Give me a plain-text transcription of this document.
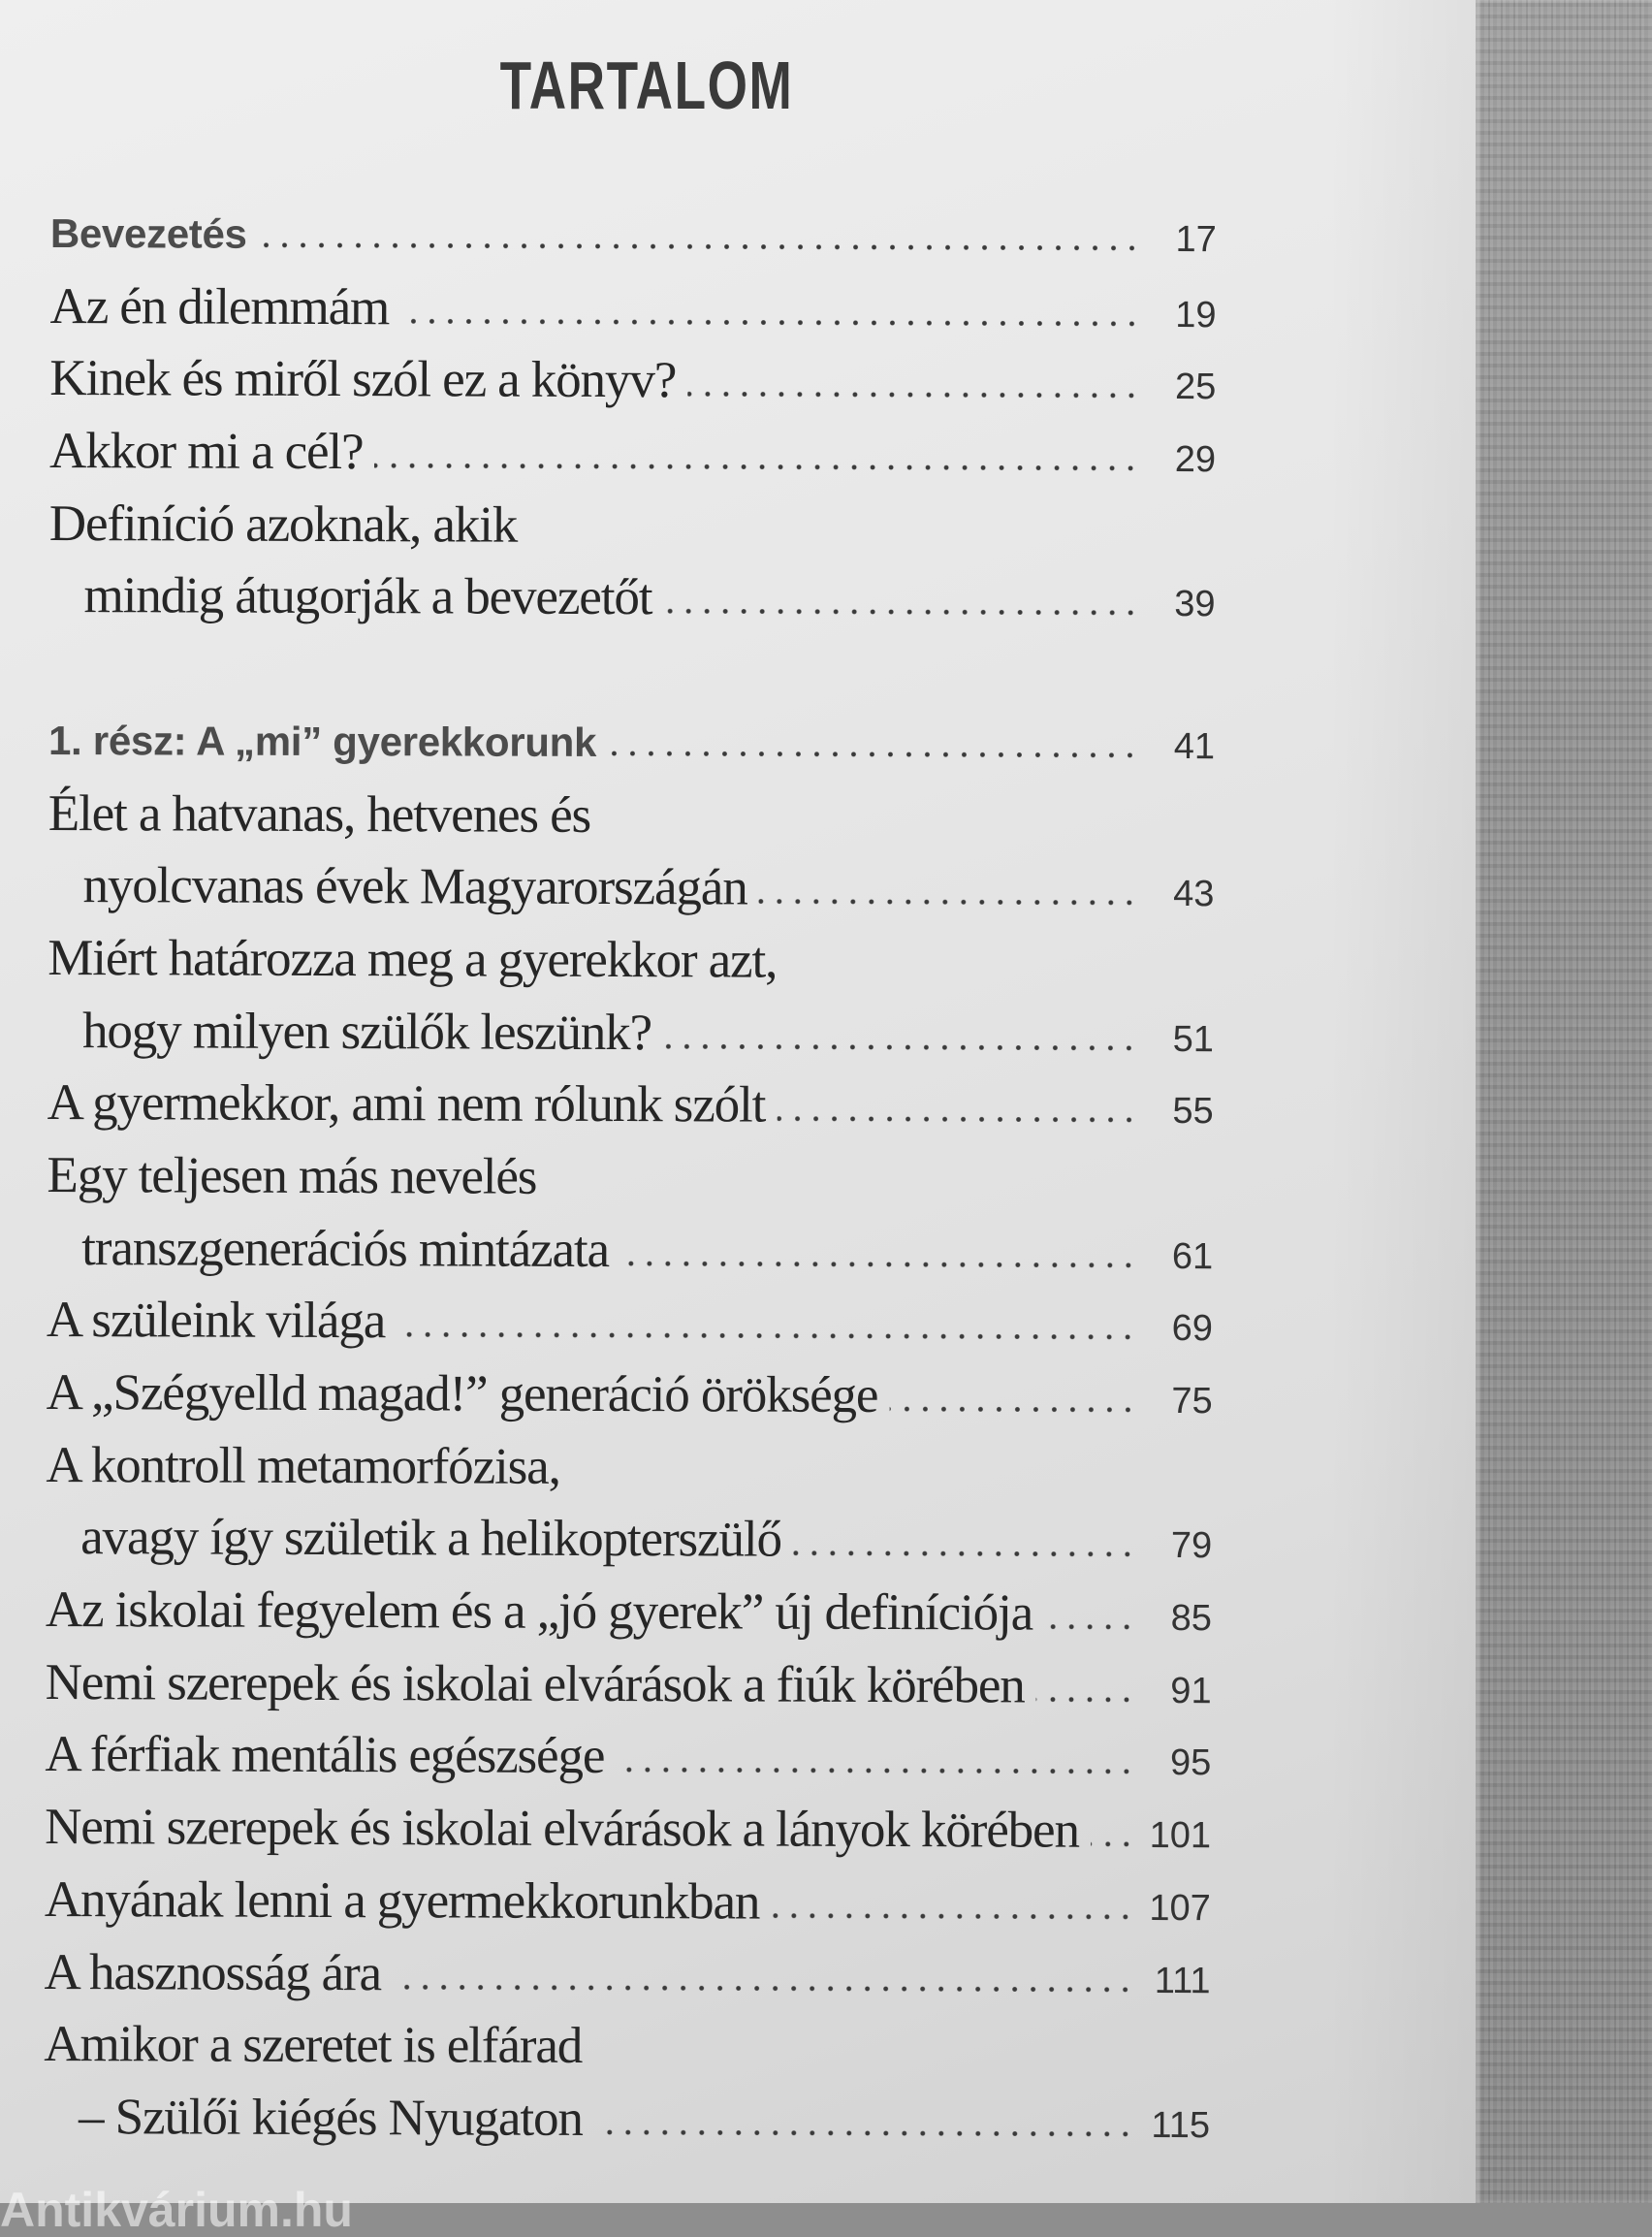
TARTALOM
Bevezetés	17
Az én dilemmám	19
Kinek és miről szól ez a könyv?	25
Akkor mi a cél?	29
Definíció azoknak, akik
mindig átugorják a bevezetőt	39
1. rész: A „mi” gyerekkorunk	41
Élet a hatvanas, hetvenes és
nyolcvanas évek Magyarországán	43
Miért határozza meg a gyerekkor azt,
hogy milyen szülők leszünk?	51
A gyermekkor, ami nem rólunk szólt	55
Egy teljesen más nevelés
transzgenerációs mintázata	61
A szüleink világa	69
A „Szégyelld magad!” generáció öröksége	75
A kontroll metamorfózisa,
avagy így születik a helikopterszülő	79
Az iskolai fegyelem és a „jó gyerek” új definíciója	85
Nemi szerepek és iskolai elvárások a fiúk körében	91
A férfiak mentális egészsége	95
Nemi szerepek és iskolai elvárások a lányok körében 101
Anyának lenni a gyermekkorunkban	107
A hasznosság ára	111
Amikor a szeretet is elfárad
– Szülői kiégés Nyugaton	115
Antikvárium.hu
